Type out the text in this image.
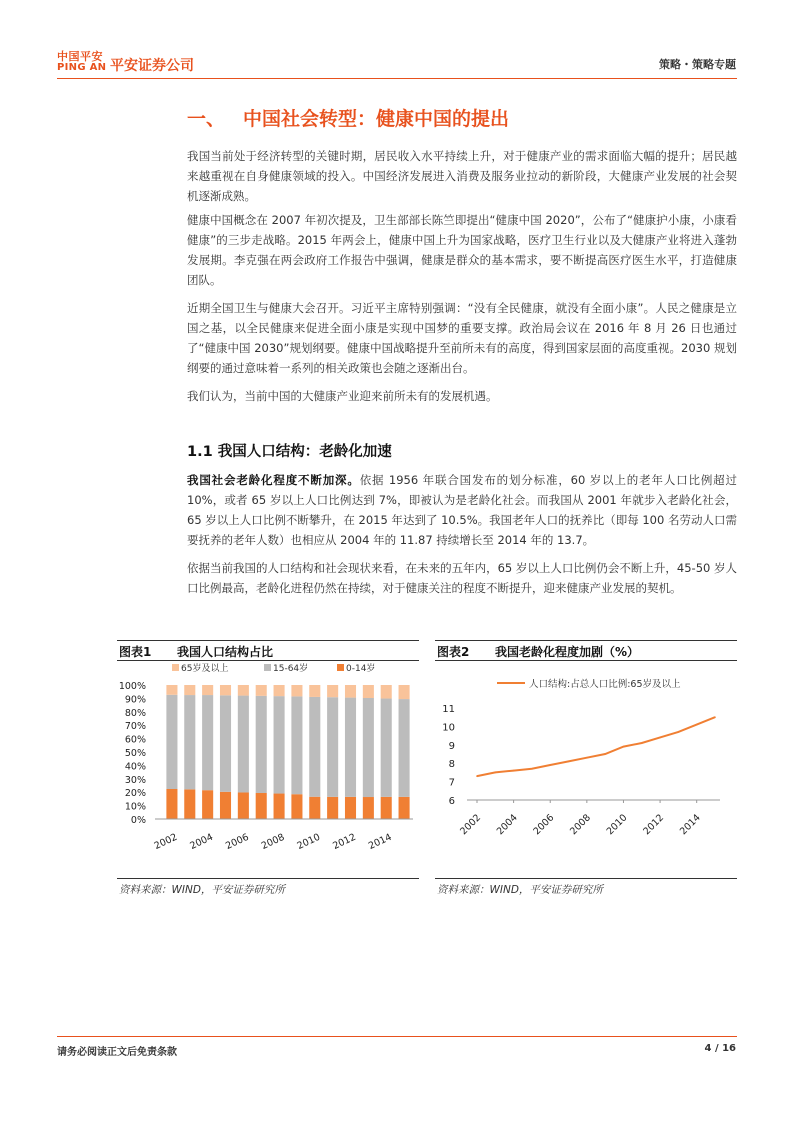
中国平安
PING AN 平安证券公司	策略・策略专题
一、 中国社会转型：健康中国的提出

我国当前处于经济转型的关键时期，居民收入水平持续上升，对于健康产业的需求面临大幅的提升；居民越来越重视在自身健康领域的投入。中国经济发展进入消费及服务业拉动的新阶段，大健康产业发展的社会契机逐渐成熟。

健康中国概念在 2007 年初次提及，卫生部部长陈竺即提出“健康中国 2020”，公布了“健康护小康，小康看健康”的三步走战略。2015 年两会上，健康中国上升为国家战略，医疗卫生行业以及大健康产业将进入蓬勃发展期。李克强在两会政府工作报告中强调，健康是群众的基本需求，要不断提高医疗医生水平，打造健康团队。

近期全国卫生与健康大会召开。习近平主席特别强调：“没有全民健康，就没有全面小康”。人民之健康是立国之基，以全民健康来促进全面小康是实现中国梦的重要支撑。政治局会议在 2016 年 8 月 26 日也通过了“健康中国 2030”规划纲要。健康中国战略提升至前所未有的高度，得到国家层面的高度重视。2030 规划纲要的通过意味着一系列的相关政策也会随之逐渐出台。

我们认为，当前中国的大健康产业迎来前所未有的发展机遇。

1.1 我国人口结构：老龄化加速

我国社会老龄化程度不断加深。依据 1956 年联合国发布的划分标准，60 岁以上的老年人口比例超过 10%，或者 65 岁以上人口比例达到 7%，即被认为是老龄化社会。而我国从 2001 年就步入老龄化社会，65 岁以上人口比例不断攀升，在 2015 年达到了 10.5%。我国老年人口的抚养比（即每 100 名劳动人口需要抚养的老年人数）也相应从 2004 年的 11.87 持续增长至 2014 年的 13.7。

依据当前我国的人口结构和社会现状来看，在未来的五年内，65 岁以上人口比例仍会不断上升，45-50 岁人口比例最高，老龄化进程仍然在持续，对于健康关注的程度不断提升，迎来健康产业发展的契机。

图表1 我国人口结构占比
65岁及以上	15-64岁	0-14岁
0%
10%
20%
30%
40%
50%
60%
70%
80%
90%
100%
2002 2004 2006 2008 2010 2012 2014
资料来源：WIND，平安证券研究所
图表2 我国老龄化程度加剧（%）
人口结构:占总人口比例:65岁及以上
6
7
8
9
10
11
2002 2004 2006 2008 2010 2012 2014
资料来源：WIND，平安证券研究所
请务必阅读正文后免责条款	4 / 16
